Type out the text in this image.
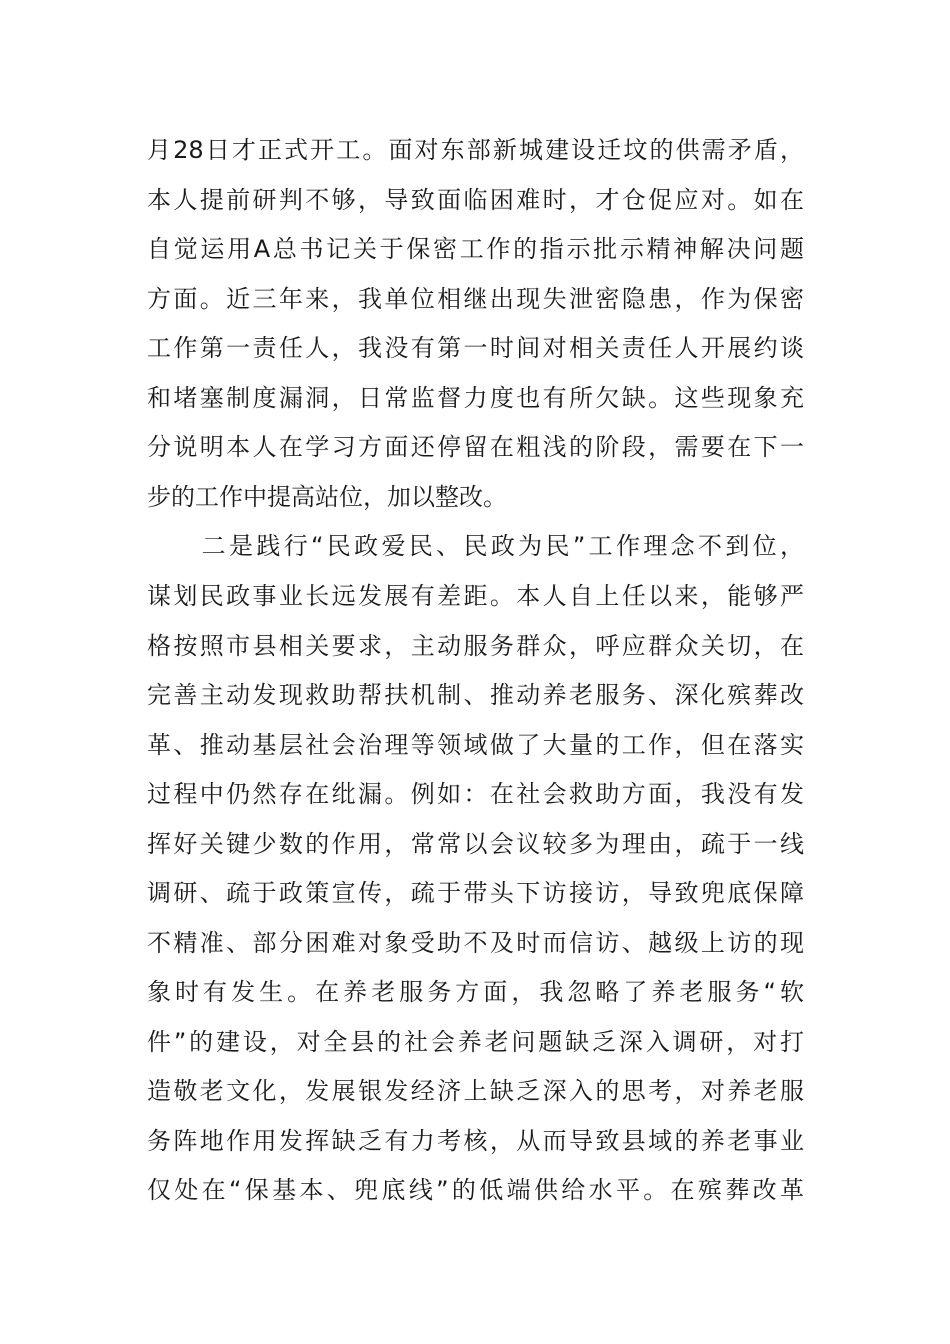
月28日才正式开工。面对东部新城建设迁坟的供需矛盾，
本人提前研判不够，导致面临困难时，才仓促应对。如在
自觉运用A总书记关于保密工作的指示批示精神解决问题
方面。近三年来，我单位相继出现失泄密隐患，作为保密
工作第一责任人，我没有第一时间对相关责任人开展约谈
和堵塞制度漏洞，日常监督力度也有所欠缺。这些现象充
分说明本人在学习方面还停留在粗浅的阶段，需要在下一
步的工作中提高站位，加以整改。
　　二是践行“民政爱民、民政为民”工作理念不到位，
谋划民政事业长远发展有差距。本人自上任以来，能够严
格按照市县相关要求，主动服务群众，呼应群众关切，在
完善主动发现救助帮扶机制、推动养老服务、深化殡葬改
革、推动基层社会治理等领域做了大量的工作，但在落实
过程中仍然存在纰漏。例如：在社会救助方面，我没有发
挥好关键少数的作用，常常以会议较多为理由，疏于一线
调研、疏于政策宣传，疏于带头下访接访，导致兜底保障
不精准、部分困难对象受助不及时而信访、越级上访的现
象时有发生。在养老服务方面，我忽略了养老服务“软
件”的建设，对全县的社会养老问题缺乏深入调研，对打
造敬老文化，发展银发经济上缺乏深入的思考，对养老服
务阵地作用发挥缺乏有力考核，从而导致县域的养老事业
仅处在“保基本、兜底线”的低端供给水平。在殡葬改革
